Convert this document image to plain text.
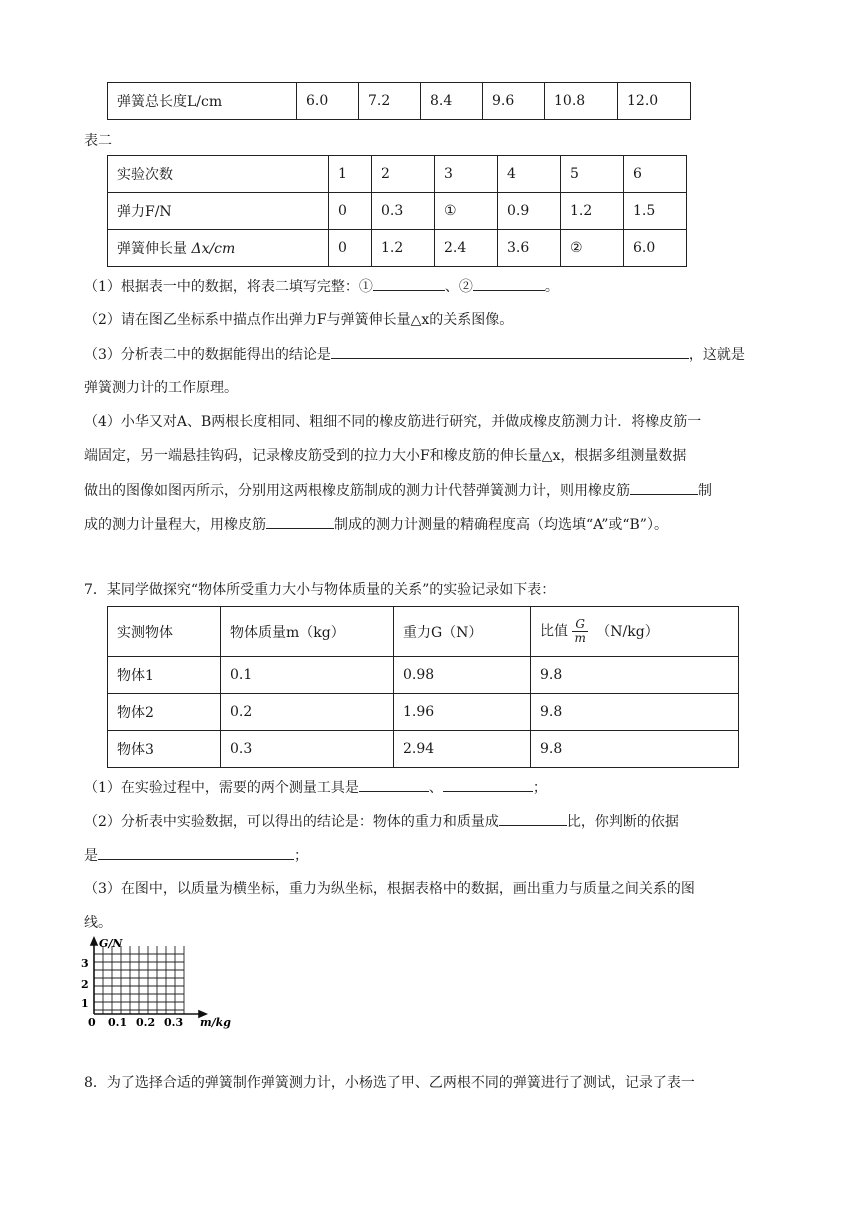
弹簧总长度L/cm	6.0	7.2	8.4	9.6	10.8	12.0
表二
实验次数	1	2	3	4	5	6
弹力F/N	0	0.3	①	0.9	1.2	1.5
弹簧伸长量 Δx/cm	0	1.2	2.4	3.6	②	6.0
（1）根据表一中的数据，将表二填写完整：①	、②	。
（2）请在图乙坐标系中描点作出弹力F与弹簧伸长量△x的关系图像。
（3）分析表二中的数据能得出的结论是	，这就是
弹簧测力计的工作原理。
（4）小华又对A、B两根长度相同、粗细不同的橡皮筋进行研究，并做成橡皮筋测力计．将橡皮筋一
端固定，另一端悬挂钩码，记录橡皮筋受到的拉力大小F和橡皮筋的伸长量△x，根据多组测量数据
做出的图像如图丙所示，分别用这两根橡皮筋制成的测力计代替弹簧测力计，则用橡皮筋	制
成的测力计量程大，用橡皮筋	制成的测力计测量的精确程度高（均选填“A”或“B”）。
7．某同学做探究“物体所受重力大小与物体质量的关系”的实验记录如下表：
实测物体	物体质量m（kg）	重力G（N）	比值 $\frac{G}{m} (N/kg)$
物体1	0.1	0.98	9.8
物体2	0.2	1.96	9.8
物体3	0.3	2.94	9.8
（1）在实验过程中，需要的两个测量工具是	、	；
（2）分析表中实验数据，可以得出的结论是：物体的重力和质量成	比，你判断的依据
是	；
（3）在图中，以质量为横坐标，重力为纵坐标，根据表格中的数据，画出重力与质量之间关系的图
线。
G/N
3
2
1
0 0.1 0.2 0.3 m/kg
8．为了选择合适的弹簧制作弹簧测力计，小杨选了甲、乙两根不同的弹簧进行了测试，记录了表一
